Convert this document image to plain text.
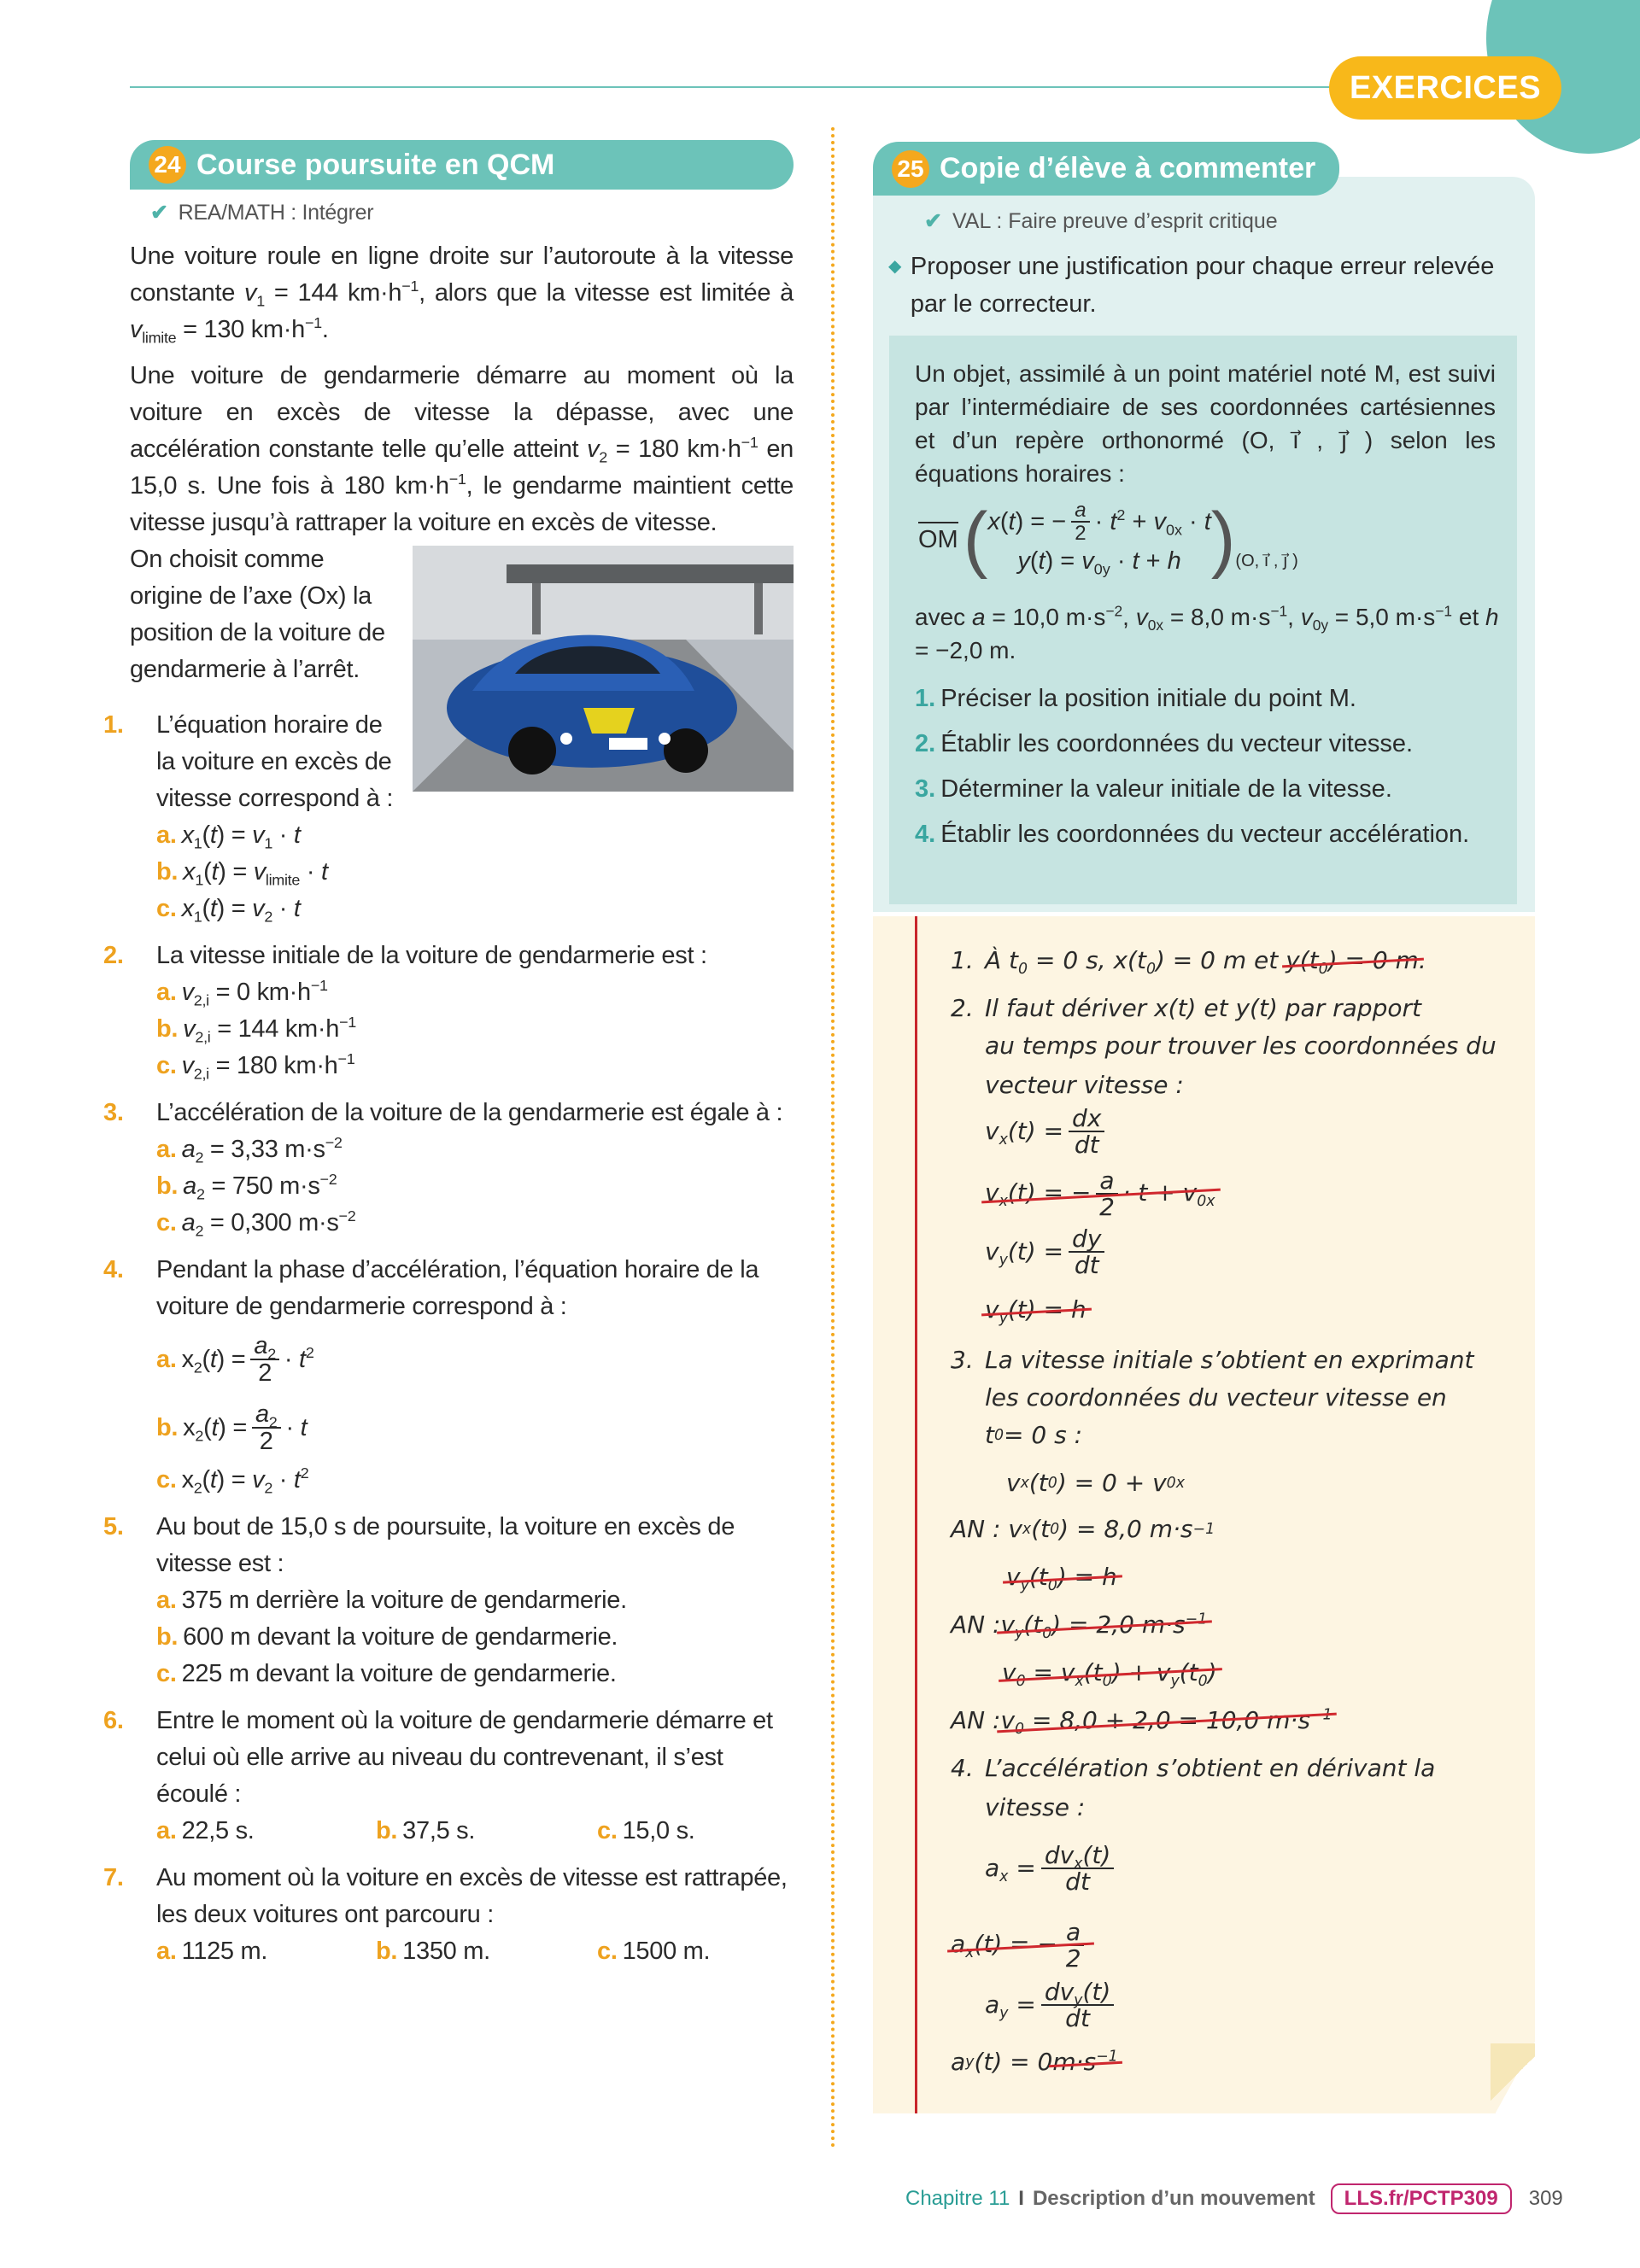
EXERCICES
24 Course poursuite en QCM
✔ REA/MATH : Intégrer

Une voiture roule en ligne droite sur l’autoroute à la vitesse constante $v_1 = 144$ $km\cdot h^{-1}$, alors que la vitesse est limitée à $v_{limite} = 130$ $km\cdot h^{-1}$.

Une voiture de gendarmerie démarre au moment où la voiture en excès de vitesse la dépasse, avec une accélération constante telle qu’elle atteint $v_2 = 180$ $km\cdot h^{-1}$ en 15,0 s. Une fois à 180 $km\cdot h^{-1}$, le gendarme maintient cette vitesse jusqu’à rattraper la voiture en excès de vitesse.

On choisit comme origine de l’axe (Ox) la position de la voiture de gendarmerie à l’arrêt.

1. L’équation horaire de la voiture en excès de vitesse correspond à :
a. $x_1(t) = v_1 \cdot t$
b. $x_1(t) = v_{limite} \cdot t$
c. $x_1(t) = v_2 \cdot t$
2. La vitesse initiale de la voiture de gendarmerie est :
a. $v_{2,i} = 0$ $km\cdot h^{-1}$
b. $v_{2,i} = 144$ $km\cdot h^{-1}$
c. $v_{2,i} = 180$ $km\cdot h^{-1}$
3. L’accélération de la voiture de la gendarmerie est égale à :
a. $a_2 = 3,33$ $m\cdot s^{-2}$
b. $a_2 = 750$ $m\cdot s^{-2}$
c. $a_2 = 0,300$ $m\cdot s^{-2}$
4. Pendant la phase d’accélération, l’équation horaire de la voiture de gendarmerie correspond à :
a. $x_2(t) = \frac{a_2}{2} \cdot t^2$
b. $x_2(t) = \frac{a_2}{2} \cdot t$
c. $x_2(t) = v_2 \cdot t^2$
5. Au bout de 15,0 s de poursuite, la voiture en excès de vitesse est :
a. 375 m derrière la voiture de gendarmerie.
b. 600 m devant la voiture de gendarmerie.
c. 225 m devant la voiture de gendarmerie.
6. Entre le moment où la voiture de gendarmerie démarre et celui où elle arrive au niveau du contrevenant, il s’est écoulé :
a. 22,5 s.	b. 37,5 s.	c. 15,0 s.
7. Au moment où la voiture en excès de vitesse est rattrapée, les deux voitures ont parcouru :
a. 1125 m.	b. 1350 m.	c. 1500 m.
25 Copie d’élève à commenter
✔ VAL : Faire preuve d’esprit critique
◆ Proposer une justification pour chaque erreur relevée par le correcteur.
Un objet, assimilé à un point matériel noté M, est suivi par l’intermédiaire de ses coordonnées cartésiennes et d’un repère orthonormé (O, i⃗ , j⃗ ) selon les équations horaires :
OM ( x(t) = − $\frac{a}{2} \cdot t^2 + v_{0x} \cdot t$
$y(t) = v_{0y} \cdot t + h$ ) (O, i⃗ , j⃗ )
avec a = 10,0 $m\cdot s^{-2}$, $v_{0x} = 8,0$ $m\cdot s^{-1}$, $v_{0y} = 5,0$ $m\cdot s^{-1}$ et h = −2,0 m.
1. Préciser la position initiale du point M.
2. Établir les coordonnées du vecteur vitesse.
3. Déterminer la valeur initiale de la vitesse.
4. Établir les coordonnées du vecteur accélération.
1. À $t_0 = 0$ s, $x(t_0) = 0$ m et $y(t_0) = 0$ m.
2. Il faut dériver x(t) et y(t) par rapport
au temps pour trouver les coordonnées du
vecteur vitesse :
$v_x(t) = \frac{dx}{dt}$
$v_x(t)$ = − $\frac{a}{2} \cdot t + v_{0x}$
$v_y(t) = \frac{dy}{dt}$
$v_y(t) = h$
3. La vitesse initiale s’obtient en exprimant
les coordonnées du vecteur vitesse en
t 0 = 0 s :
v x (t 0 ) = 0 + v 0x
AN : v x (t 0 ) = 8,0 m·s −1
$v_y(t_0) = h$
AN : $v_y(t_0) = 2,0$ $m\cdot s^{-1}$
$v_0 = v_x(t_0) + v_y(t_0)$
AN : $v_0 = 8,0 + 2,0 = 10,0$ $m\cdot s^{-1}$
4. L’accélération s’obtient en dérivant la
vitesse :
$a_x = \frac{dv_x(t)}{dt}$
$a_x(t)$ = − $\frac{a}{2}$
$a_y = \frac{dv_y(t)}{dt}$
a y (t) = 0 $m\cdot s^{-1}$
Chapitre 11 I Description d’un mouvement	LLS.fr/PCTP309	309
